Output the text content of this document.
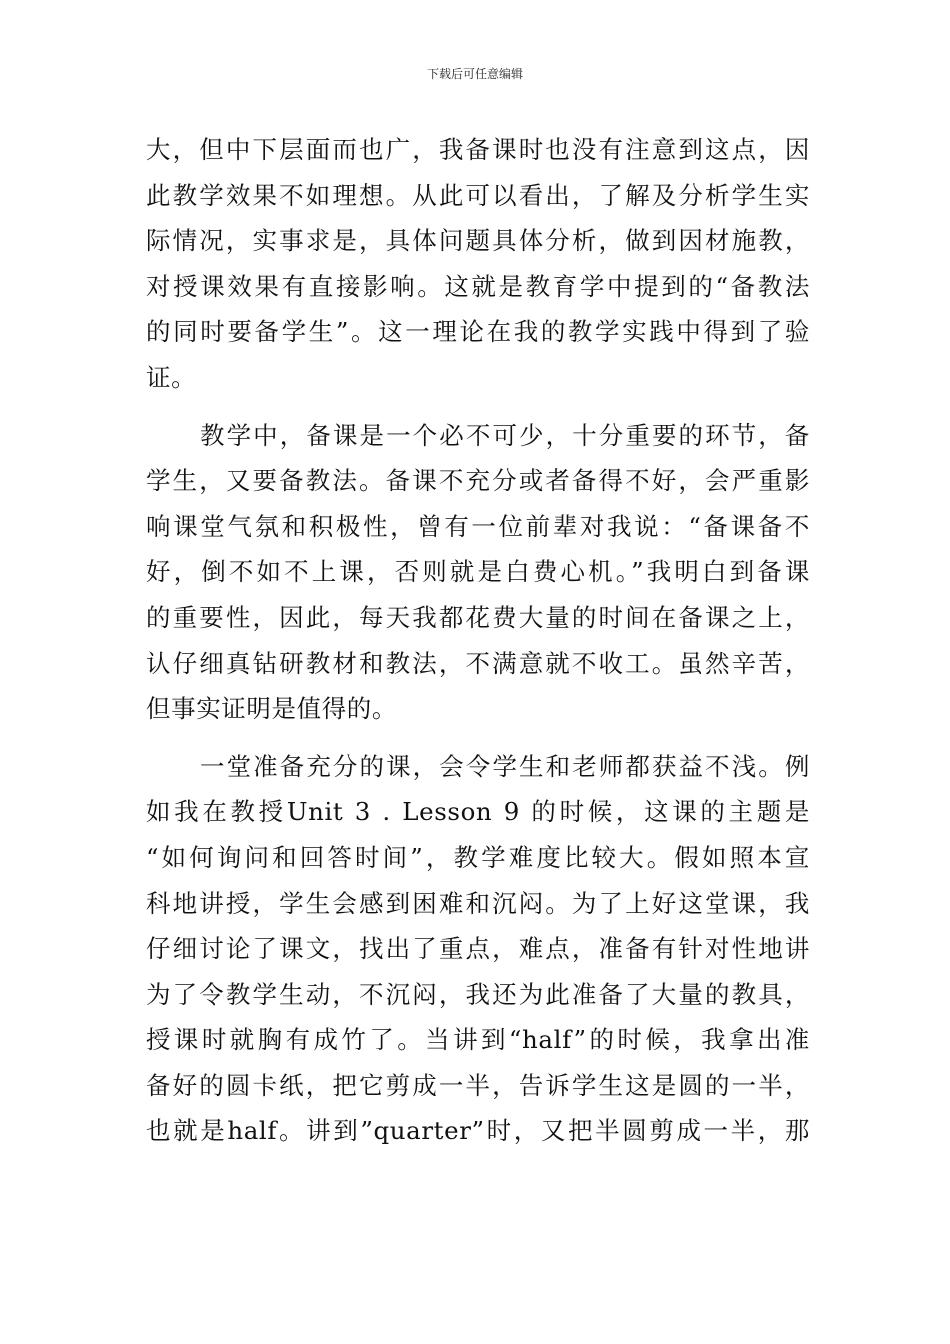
下载后可任意编辑
大，但中下层面而也广，我备课时也没有注意到这点，因
此教学效果不如理想。从此可以看出，了解及分析学生实
际情况，实事求是，具体问题具体分析，做到因材施教，
对授课效果有直接影响。这就是教育学中提到的“备教法
的同时要备学生”。这一理论在我的教学实践中得到了验
证。
教学中，备课是一个必不可少，十分重要的环节，备
学生，又要备教法。备课不充分或者备得不好，会严重影
响课堂气氛和积极性，曾有一位前辈对我说：“备课备不
好，倒不如不上课，否则就是白费心机。”我明白到备课
的重要性，因此，每天我都花费大量的时间在备课之上，
认仔细真钻研教材和教法，不满意就不收工。虽然辛苦，
但事实证明是值得的。
一堂准备充分的课，会令学生和老师都获益不浅。例
如我在教授Unit 3 . Lesson 9 的时候，这课的主题是
“如何询问和回答时间”，教学难度比较大。假如照本宣
科地讲授，学生会感到困难和沉闷。为了上好这堂课，我
仔细讨论了课文，找出了重点，难点，准备有针对性地讲
为了令教学生动，不沉闷，我还为此准备了大量的教具，
授课时就胸有成竹了。当讲到“half”的时候，我拿出准
备好的圆卡纸，把它剪成一半，告诉学生这是圆的一半，
也就是half。讲到”quarter”时，又把半圆剪成一半，那
